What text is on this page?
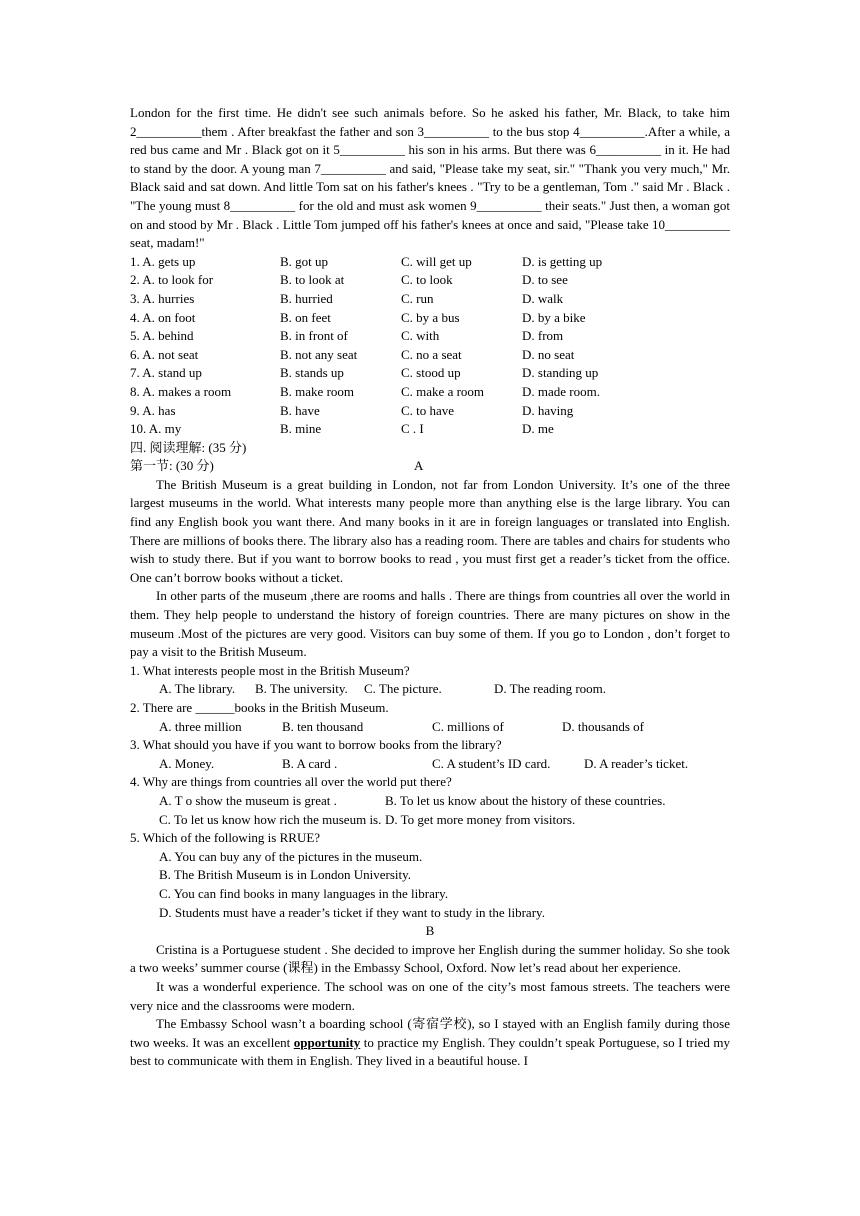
London for the first time. He didn't see such animals before. So he asked his father, Mr. Black, to take him 2__________them . After breakfast the father and son 3__________ to the bus stop 4__________.After a while, a red bus came and Mr . Black got on it 5__________ his son in his arms. But there was 6__________ in it. He had to stand by the door. A young man 7__________ and said, "Please take my seat, sir." "Thank you very much," Mr. Black said and sat down. And little Tom sat on his father's knees . "Try to be a gentleman, Tom ." said Mr . Black . "The young must 8__________ for the old and must ask women 9__________ their seats." Just then, a woman got on and stood by Mr . Black . Little Tom jumped off his father's knees at once and said, "Please take 10__________ seat, madam!"

1. A. gets up	B. got up	C. will get up	D. is getting up
2. A. to look for	B. to look at	C. to look	D. to see
3. A. hurries	B. hurried	C. run	D. walk
4. A. on foot	B. on feet	C. by a bus	D. by a bike
5. A. behind	B. in front of	C. with	D. from
6. A. not seat	B. not any seat	C. no a seat	D. no seat
7. A. stand up	B. stands up	C. stood up	D. standing up
8. A. makes a room	B. make room	C. make a room	D. made room.
9. A. has	B. have	C. to have	D. having
10. A. my	B. mine	C . I	D. me

四. 阅读理解: (35 分)

第一节: (30 分)	A

The British Museum is a great building in London, not far from London University. It’s one of the three largest museums in the world. What interests many people more than anything else is the large library. You can find any English book you want there. And many books in it are in foreign languages or translated into English. There are millions of books there. The library also has a reading room. There are tables and chairs for students who wish to study there. But if you want to borrow books to read , you must first get a reader’s ticket from the office. One can’t borrow books without a ticket.

In other parts of the museum ,there are rooms and halls . There are things from countries all over the world in them. They help people to understand the history of foreign countries. There are many pictures on show in the museum .Most of the pictures are very good. Visitors can buy some of them. If you go to London , don’t forget to pay a visit to the British Museum.

1. What interests people most in the British Museum?

A. The library.	B. The university.	C. The picture.	D. The reading room.

2. There are ______books in the British Museum.

A. three million	B. ten thousand	C. millions of	D. thousands of

3. What should you have if you want to borrow books from the library?

A. Money.	B. A card .	C. A student’s ID card.	D. A reader’s ticket.

4. Why are things from countries all over the world put there?

A. T o show the museum is great .	B. To let us know about the history of these countries.
C. To let us know how rich the museum is. D. To get more money from visitors.

5. Which of the following is RRUE?

A. You can buy any of the pictures in the museum.

B. The British Museum is in London University.

C. You can find books in many languages in the library.

D. Students must have a reader’s ticket if they want to study in the library.

B

Cristina is a Portuguese student . She decided to improve her English during the summer holiday. So she took a two weeks’ summer course (课程) in the Embassy School, Oxford. Now let’s read about her experience.

It was a wonderful experience. The school was on one of the city’s most famous streets. The teachers were very nice and the classrooms were modern.

The Embassy School wasn’t a boarding school (寄宿学校), so I stayed with an English family during those two weeks. It was an excellent opportunity to practice my English. They couldn’t speak Portuguese, so I tried my best to communicate with them in English. They lived in a beautiful house. I
